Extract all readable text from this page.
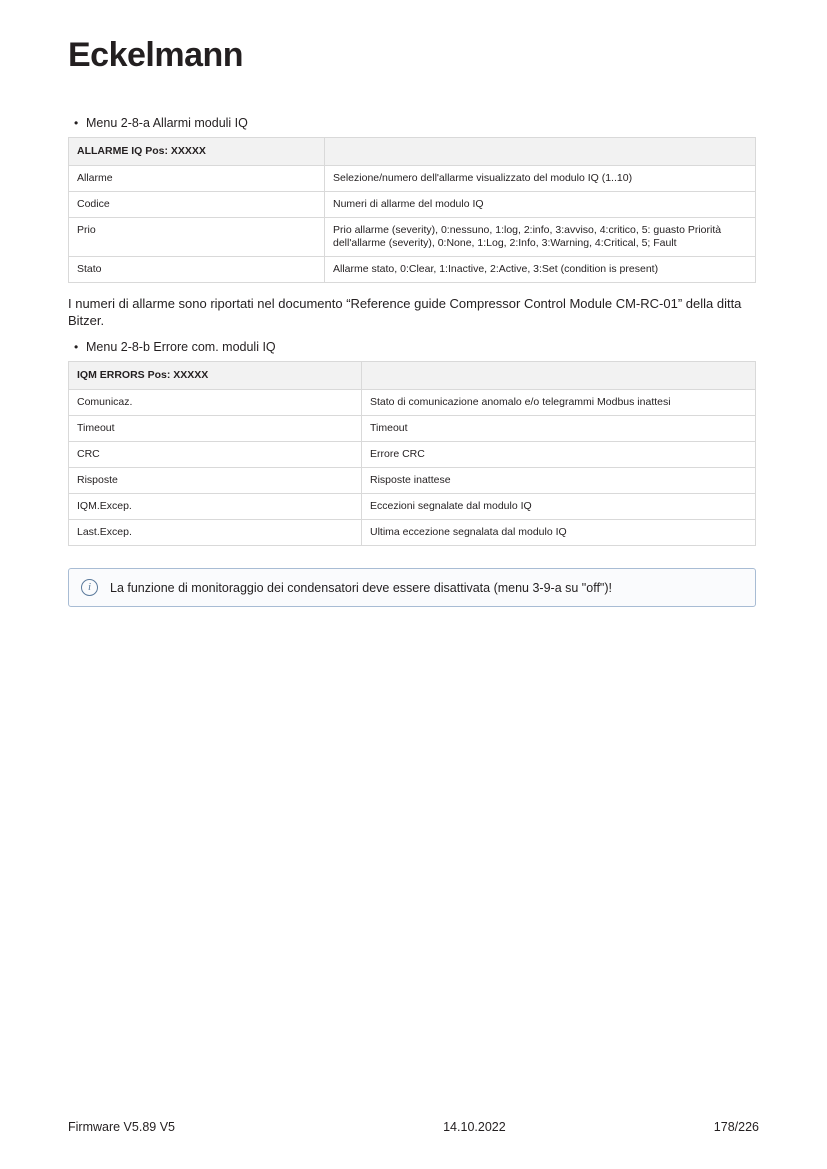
Eckelmann
• Menu 2-8-a Allarmi moduli IQ
ALLARME IQ Pos: XXXXX	
Allarme	Selezione/numero dell'allarme visualizzato del modulo IQ (1..10)
Codice	Numeri di allarme del modulo IQ
Prio	Prio allarme (severity), 0:nessuno, 1:log, 2:info, 3:avviso, 4:critico, 5: guasto Priorità dell'allarme (severity), 0:None, 1:Log, 2:Info, 3:Warning, 4:Critical, 5; Fault
Stato	Allarme stato, 0:Clear, 1:Inactive, 2:Active, 3:Set (condition is present)

I numeri di allarme sono riportati nel documento “Reference guide Compressor Control Module CM-RC-01” della ditta Bitzer.

• Menu 2-8-b Errore com. moduli IQ
IQM ERRORS Pos: XXXXX	
Comunicaz.	Stato di comunicazione anomalo e/o telegrammi Modbus inattesi
Timeout	Timeout
CRC	Errore CRC
Risposte	Risposte inattese
IQM.Excep.	Eccezioni segnalate dal modulo IQ
Last.Excep.	Ultima eccezione segnalata dal modulo IQ
i	La funzione di monitoraggio dei condensatori deve essere disattivata (menu 3-9-a su "off")!
Firmware V5.89 V5	14.10.2022	178/226
